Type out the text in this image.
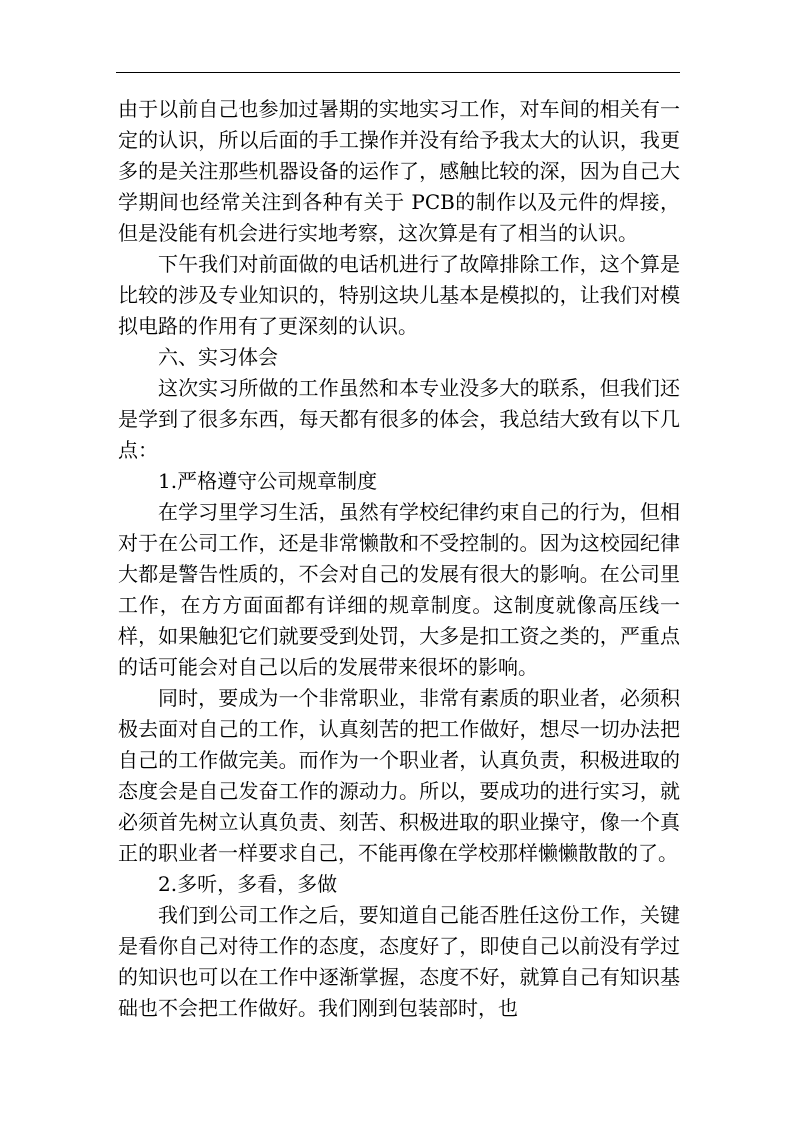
由于以前自己也参加过暑期的实地实习工作，对车间的相关有一定的认识，所以后面的手工操作并没有给予我太大的认识，我更多的是关注那些机器设备的运作了，感触比较的深，因为自己大学期间也经常关注到各种有关于 PCB的制作以及元件的焊接，但是没能有机会进行实地考察，这次算是有了相当的认识。

下午我们对前面做的电话机进行了故障排除工作，这个算是比较的涉及专业知识的，特别这块儿基本是模拟的，让我们对模拟电路的作用有了更深刻的认识。

六、实习体会

这次实习所做的工作虽然和本专业没多大的联系，但我们还是学到了很多东西，每天都有很多的体会，我总结大致有以下几点：

1.严格遵守公司规章制度

在学习里学习生活，虽然有学校纪律约束自己的行为，但相对于在公司工作，还是非常懒散和不受控制的。因为这校园纪律大都是警告性质的，不会对自己的发展有很大的影响。在公司里工作，在方方面面都有详细的规章制度。这制度就像高压线一样，如果触犯它们就要受到处罚，大多是扣工资之类的，严重点的话可能会对自己以后的发展带来很坏的影响。

同时，要成为一个非常职业，非常有素质的职业者，必须积极去面对自己的工作，认真刻苦的把工作做好，想尽一切办法把自己的工作做完美。而作为一个职业者，认真负责，积极进取的态度会是自己发奋工作的源动力。所以，要成功的进行实习，就必须首先树立认真负责、刻苦、积极进取的职业操守，像一个真正的职业者一样要求自己，不能再像在学校那样懒懒散散的了。

2.多听，多看，多做

我们到公司工作之后，要知道自己能否胜任这份工作，关键是看你自己对待工作的态度，态度好了，即使自己以前没有学过的知识也可以在工作中逐渐掌握，态度不好，就算自己有知识基础也不会把工作做好。我们刚到包装部时，也
